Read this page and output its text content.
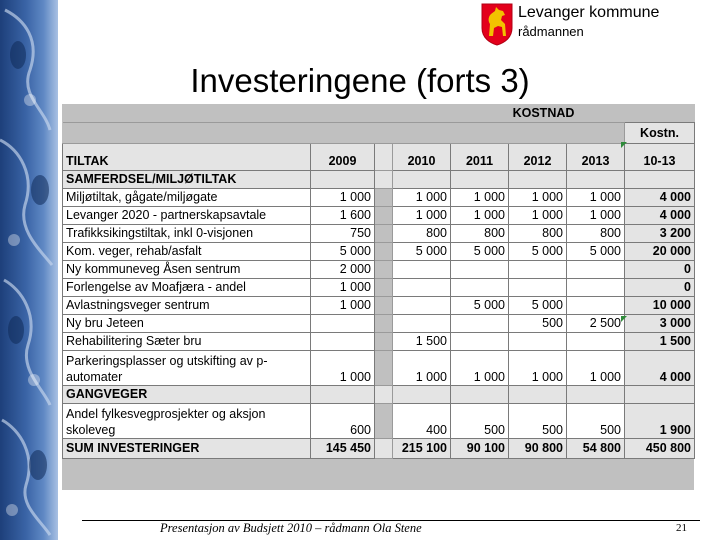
Levanger kommune
rådmannen
Investeringene (forts 3)
			KOSTNAD				
							Kostn.
TILTAK	2009		2010	2011	2012	2013	10-13
SAMFERDSEL/MILJØTILTAK							
Miljøtiltak, gågate/miljøgate	1 000		1 000	1 000	1 000	1 000	4 000
Levanger 2020 - partnerskapsavtale	1 600		1 000	1 000	1 000	1 000	4 000
Trafikksikingstiltak, inkl 0-visjonen	750		800	800	800	800	3 200
Kom. veger, rehab/asfalt	5 000		5 000	5 000	5 000	5 000	20 000
Ny kommuneveg Åsen sentrum	2 000						0
Forlengelse av Moafjæra - andel	1 000						0
Avlastningsveger sentrum	1 000			5 000	5 000		10 000
Ny bru Jeteen					500	2 500	3 000
Rehabilitering Sæter bru			1 500				1 500

Parkeringsplasser og utskifting av p-
automater	1 000		1 000	1 000	1 000	1 000	4 000
GANGVEGER							

Andel fylkesvegprosjekter og aksjon
skoleveg	600		400	500	500	500	1 900
SUM INVESTERINGER	145 450		215 100	90 100	90 800	54 800	450 800
Presentasjon av Budsjett 2010 – rådmann Ola Stene	21
